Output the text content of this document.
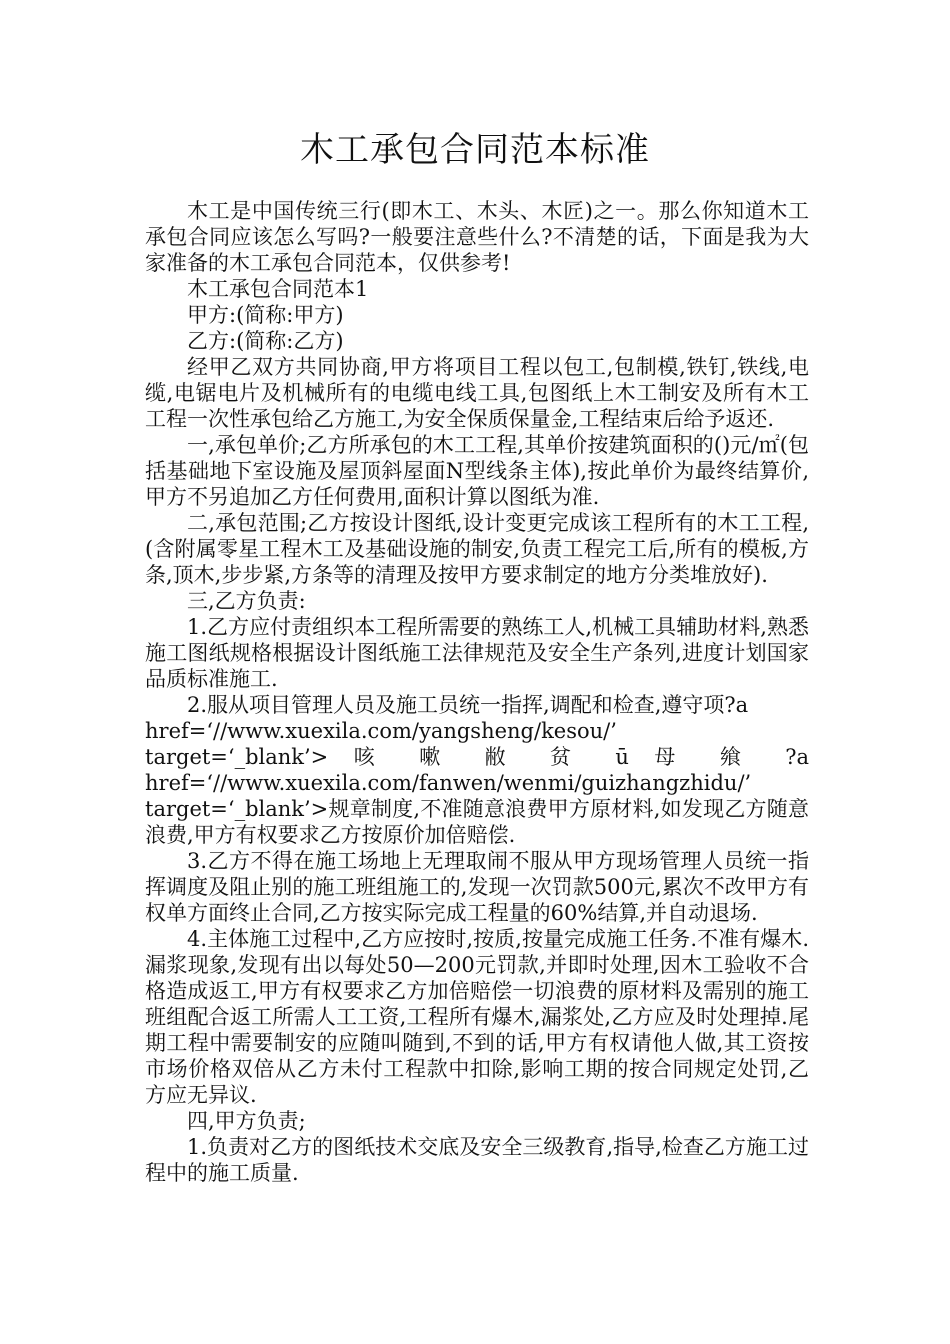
木工承包合同范本标准

木工是中国传统三行(即木工、木头、木匠)之一。那么你知道木工承包合同应该怎么写吗?一般要注意些什么?不清楚的话，下面是我为大家准备的木工承包合同范本，仅供参考!

木工承包合同范本1

甲方:(简称:甲方)

乙方:(简称:乙方)

经甲乙双方共同协商,甲方将项目工程以包工,包制模,铁钉,铁线,电缆,电锯电片及机械所有的电缆电线工具,包图纸上木工制安及所有木工工程一次性承包给乙方施工,为安全保质保量金,工程结束后给予返还.

一,承包单价;乙方所承包的木工工程,其单价按建筑面积的()元/㎡(包括基础地下室设施及屋顶斜屋面N型线条主体),按此单价为最终结算价,甲方不另追加乙方任何费用,面积计算以图纸为准.

二,承包范围;乙方按设计图纸,设计变更完成该工程所有的木工工程,(含附属零星工程木工及基础设施的制安,负责工程完工后,所有的模板,方条,顶木,步步紧,方条等的清理及按甲方要求制定的地方分类堆放好).

三,乙方负责:

1.乙方应付责组织本工程所需要的熟练工人,机械工具辅助材料,熟悉施工图纸规格根据设计图纸施工法律规范及安全生产条列,进度计划国家品质标准施工.

2.服从项目管理人员及施工员统一指挥,调配和检查,遵守项?a

href=‘//www.xuexila.com/yangsheng/kesou/’

target=‘_blank’> 咳 嗽 敝 贫 ū 母 飨 ?a

href=‘//www.xuexila.com/fanwen/wenmi/guizhangzhidu/’

target=‘_blank’>规章制度,不准随意浪费甲方原材料,如发现乙方随意浪费,甲方有权要求乙方按原价加倍赔偿.

3.乙方不得在施工场地上无理取闹不服从甲方现场管理人员统一指挥调度及阻止别的施工班组施工的,发现一次罚款500元,累次不改甲方有权单方面终止合同,乙方按实际完成工程量的60%结算,并自动退场.

4.主体施工过程中,乙方应按时,按质,按量完成施工任务.不准有爆木.漏浆现象,发现有出以每处50—200元罚款,并即时处理,因木工验收不合格造成返工,甲方有权要求乙方加倍赔偿一切浪费的原材料及需别的施工班组配合返工所需人工工资,工程所有爆木,漏浆处,乙方应及时处理掉.尾期工程中需要制安的应随叫随到,不到的话,甲方有权请他人做,其工资按市场价格双倍从乙方未付工程款中扣除,影响工期的按合同规定处罚,乙方应无异议.

四,甲方负责;

1.负责对乙方的图纸技术交底及安全三级教育,指导,检查乙方施工过程中的施工质量.
